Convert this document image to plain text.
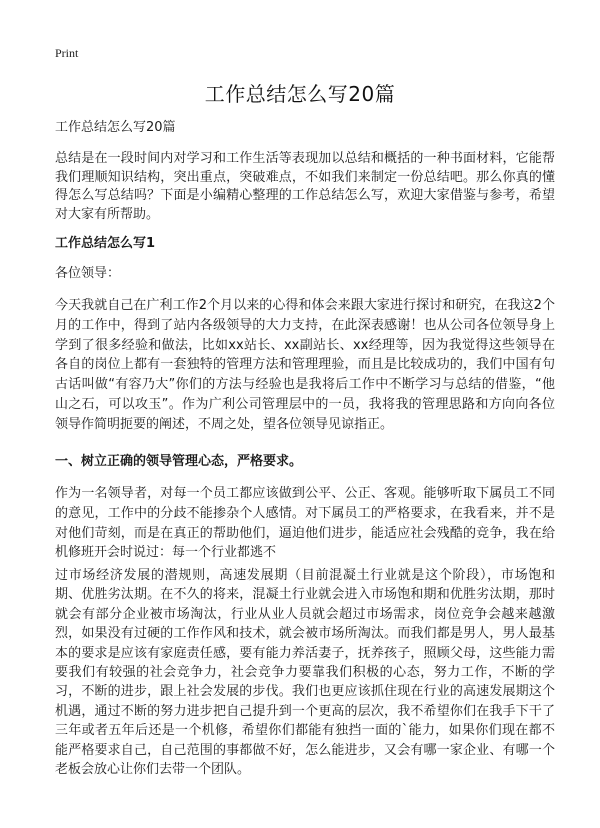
Print
工作总结怎么写20篇

工作总结怎么写20篇

总结是在一段时间内对学习和工作生活等表现加以总结和概括的一种书面材料，它能帮我们理顺知识结构，突出重点，突破难点，不如我们来制定一份总结吧。那么你真的懂得怎么写总结吗？下面是小编精心整理的工作总结怎么写，欢迎大家借鉴与参考，希望对大家有所帮助。

工作总结怎么写1

各位领导：

今天我就自己在广利工作2个月以来的心得和体会来跟大家进行探讨和研究，在我这2个月的工作中，得到了站内各级领导的大力支持，在此深表感谢！也从公司各位领导身上学到了很多经验和做法，比如xx站长、xx副站长、xx经理等，因为我觉得这些领导在各自的岗位上都有一套独特的管理方法和管理理验，而且是比较成功的，我们中国有句古话叫做“有容乃大”你们的方法与经验也是我将后工作中不断学习与总结的借鉴，“他山之石，可以攻玉”。作为广利公司管理层中的一员，我将我的管理思路和方向向各位领导作简明扼要的阐述，不周之处，望各位领导见谅指正。

一、树立正确的领导管理心态，严格要求。

作为一名领导者，对每一个员工都应该做到公平、公正、客观。能够听取下属员工不同的意见，工作中的分歧不能掺杂个人感情。对下属员工的严格要求，在我看来，并不是对他们苛刻，而是在真正的帮助他们，逼迫他们进步，能适应社会残酷的竞争，我在给机修班开会时说过：每一个行业都逃不

过市场经济发展的潜规则，高速发展期（目前混凝土行业就是这个阶段），市场饱和期、优胜劣汰期。在不久的将来，混凝土行业就会进入市场饱和期和优胜劣汰期，那时就会有部分企业被市场淘汰，行业从业人员就会超过市场需求，岗位竞争会越来越激烈，如果没有过硬的工作作风和技术，就会被市场所淘汰。而我们都是男人，男人最基本的要求是应该有家庭责任感，要有能力养活妻子，抚养孩子，照顾父母，这些能力需要我们有较强的社会竞争力，社会竞争力要靠我们积极的心态，努力工作，不断的学习，不断的进步，跟上社会发展的步伐。我们也更应该抓住现在行业的高速发展期这个机遇，通过不断的努力进步把自己提升到一个更高的层次，我不希望你们在我手下干了三年或者五年后还是一个机修，希望你们都能有独挡一面的`能力，如果你们现在都不能严格要求自己，自己范围的事都做不好，怎么能进步，又会有哪一家企业、有哪一个老板会放心让你们去带一个团队。
